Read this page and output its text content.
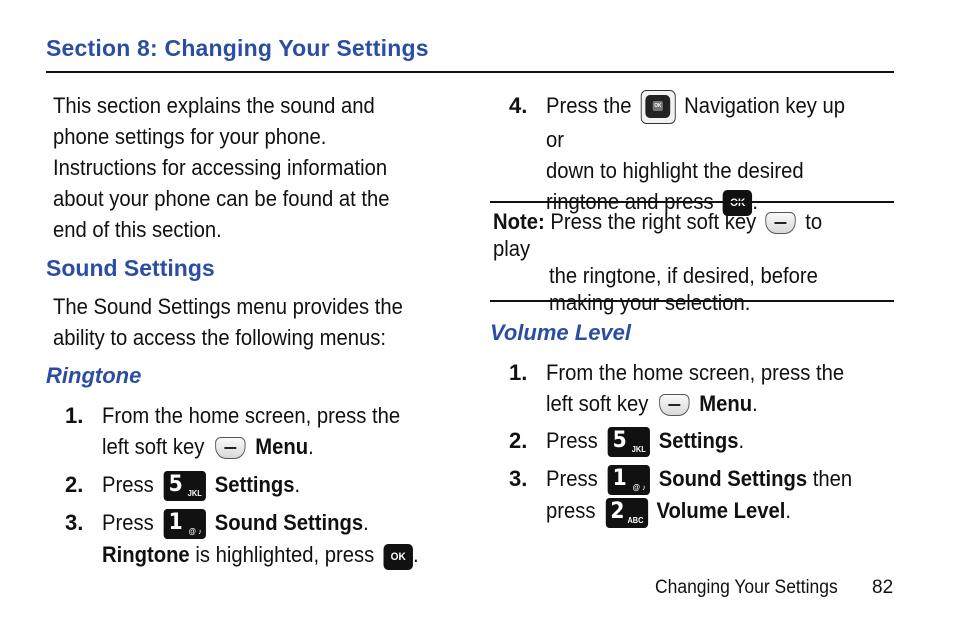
Section 8: Changing Your Settings
This section explains the sound and
phone settings for your phone.
Instructions for accessing information
about your phone can be found at the
end of this section.
Sound Settings
The Sound Settings menu provides the
ability to access the following menus:
Ringtone
1. From the home screen, press the
left soft key Menu.
2. Press 5 JKL Settings.
3. Press 1 @ ♪ Sound Settings.
Ringtone is highlighted, press OK .
4. Press the	OK Navigation key up or
down to highlight the desired
ringtone and press OK .
Note: Press the right soft key to play
the ringtone, if desired, before
making your selection.
Volume Level
1. From the home screen, press the
left soft key Menu.
2. Press 5 JKL Settings.
3. Press 1 @ ♪ Sound Settings then
press 2 ABC Volume Level.
Changing Your Settings 82
